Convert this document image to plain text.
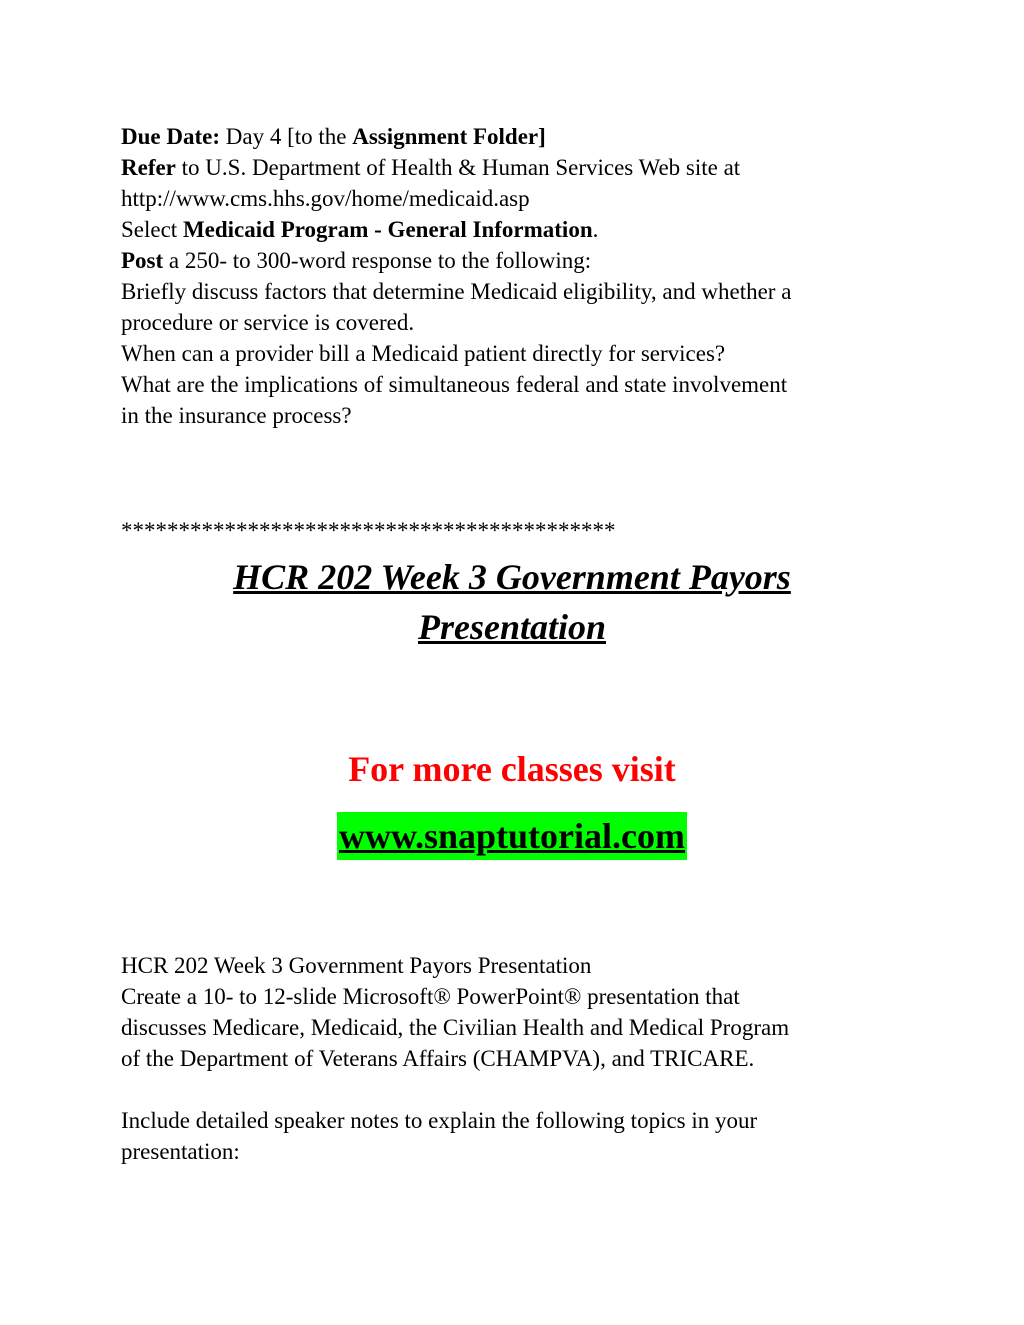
Due Date: Day 4 [to the Assignment Folder]

Refer to U.S. Department of Health & Human Services Web site at

http://www.cms.hhs.gov/home/medicaid.asp

Select Medicaid Program - General Information.

Post a 250- to 300-word response to the following:

Briefly discuss factors that determine Medicaid eligibility, and whether a

procedure or service is covered.

When can a provider bill a Medicaid patient directly for services?

What are the implications of simultaneous federal and state involvement

in the insurance process?

*******************************************
HCR 202 Week 3 Government Payors
Presentation
For more classes visit
www.snaptutorial.com

HCR 202 Week 3 Government Payors Presentation

Create a 10- to 12-slide Microsoft® PowerPoint® presentation that

discusses Medicare, Medicaid, the Civilian Health and Medical Program

of the Department of Veterans Affairs (CHAMPVA), and TRICARE.

Include detailed speaker notes to explain the following topics in your

presentation:
